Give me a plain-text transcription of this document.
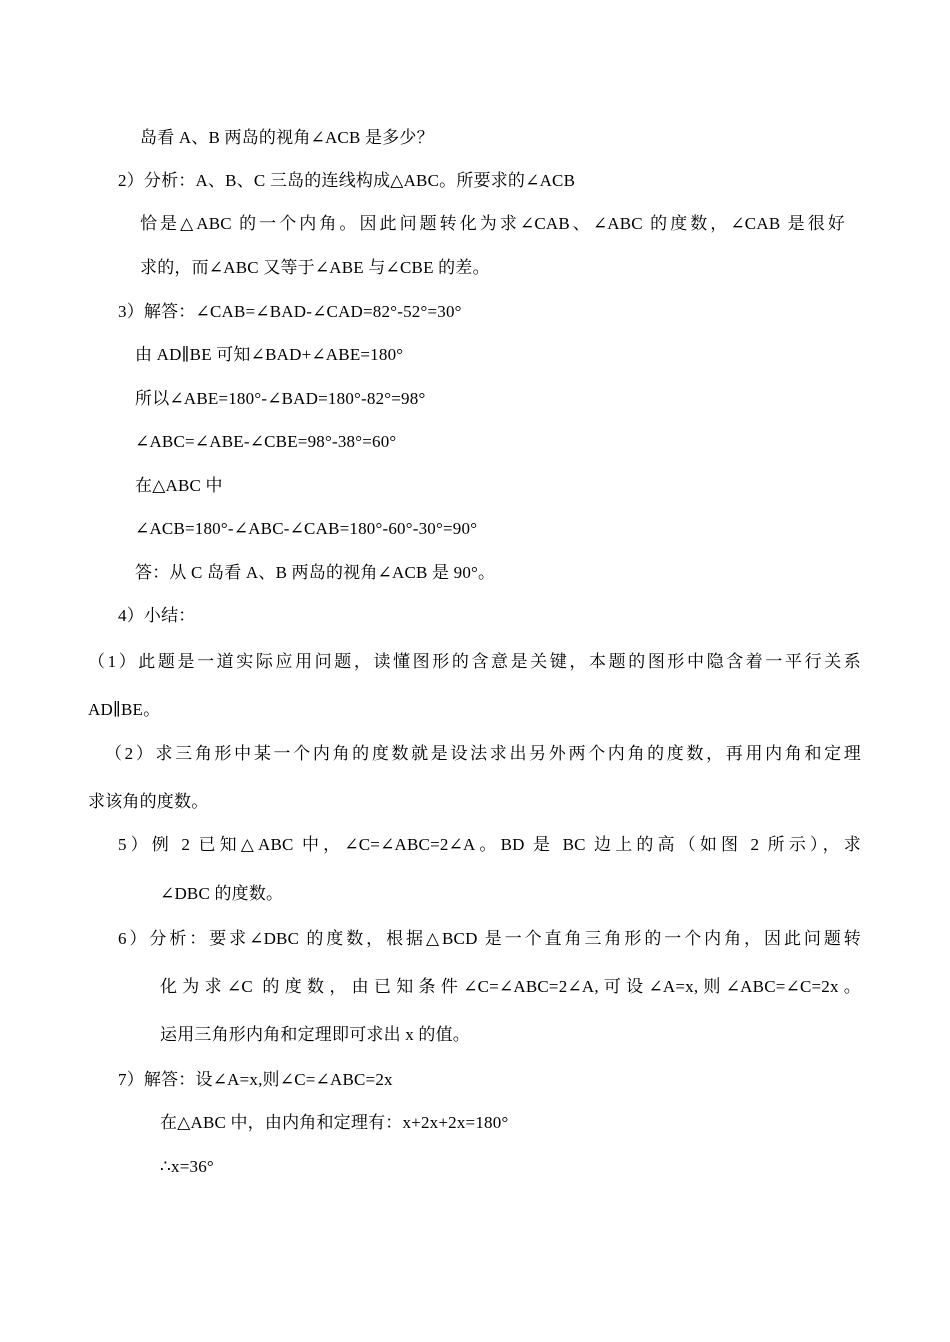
岛看 A、B 两岛的视角∠ACB 是多少？
2）分析：A、B、C 三岛的连线构成△ABC。所要求的∠ACB
恰是△ABC 的一个内角。因此问题转化为求∠CAB、∠ABC 的度数，∠CAB 是很好
求的，而∠ABC 又等于∠ABE 与∠CBE 的差。
3）解答：∠CAB=∠BAD-∠CAD=82°-52°=30°
由 AD∥BE 可知∠BAD+∠ABE=180°
所以∠ABE=180°-∠BAD=180°-82°=98°
∠ABC=∠ABE-∠CBE=98°-38°=60°
在△ABC 中
∠ACB=180°-∠ABC-∠CAB=180°-60°-30°=90°
答：从 C 岛看 A、B 两岛的视角∠ACB 是 90°。
4）小结：
（1）此题是一道实际应用问题，读懂图形的含意是关键，本题的图形中隐含着一平行关系
AD∥BE。
（2）求三角形中某一个内角的度数就是设法求出另外两个内角的度数，再用内角和定理
求该角的度数。
5）例 2 已知△ABC 中，∠C=∠ABC=2∠A。BD 是 BC 边上的高（如图 2 所示），求
∠DBC 的度数。
6）分析：要求∠DBC 的度数，根据△BCD 是一个直角三角形的一个内角，因此问题转
化为求∠C 的度数，由已知条件∠C=∠ABC=2∠A,可设∠A=x,则∠ABC=∠C=2x。
运用三角形内角和定理即可求出 x 的值。
7）解答：设∠A=x,则∠C=∠ABC=2x
在△ABC 中，由内角和定理有：x+2x+2x=180°
∴x=36°
